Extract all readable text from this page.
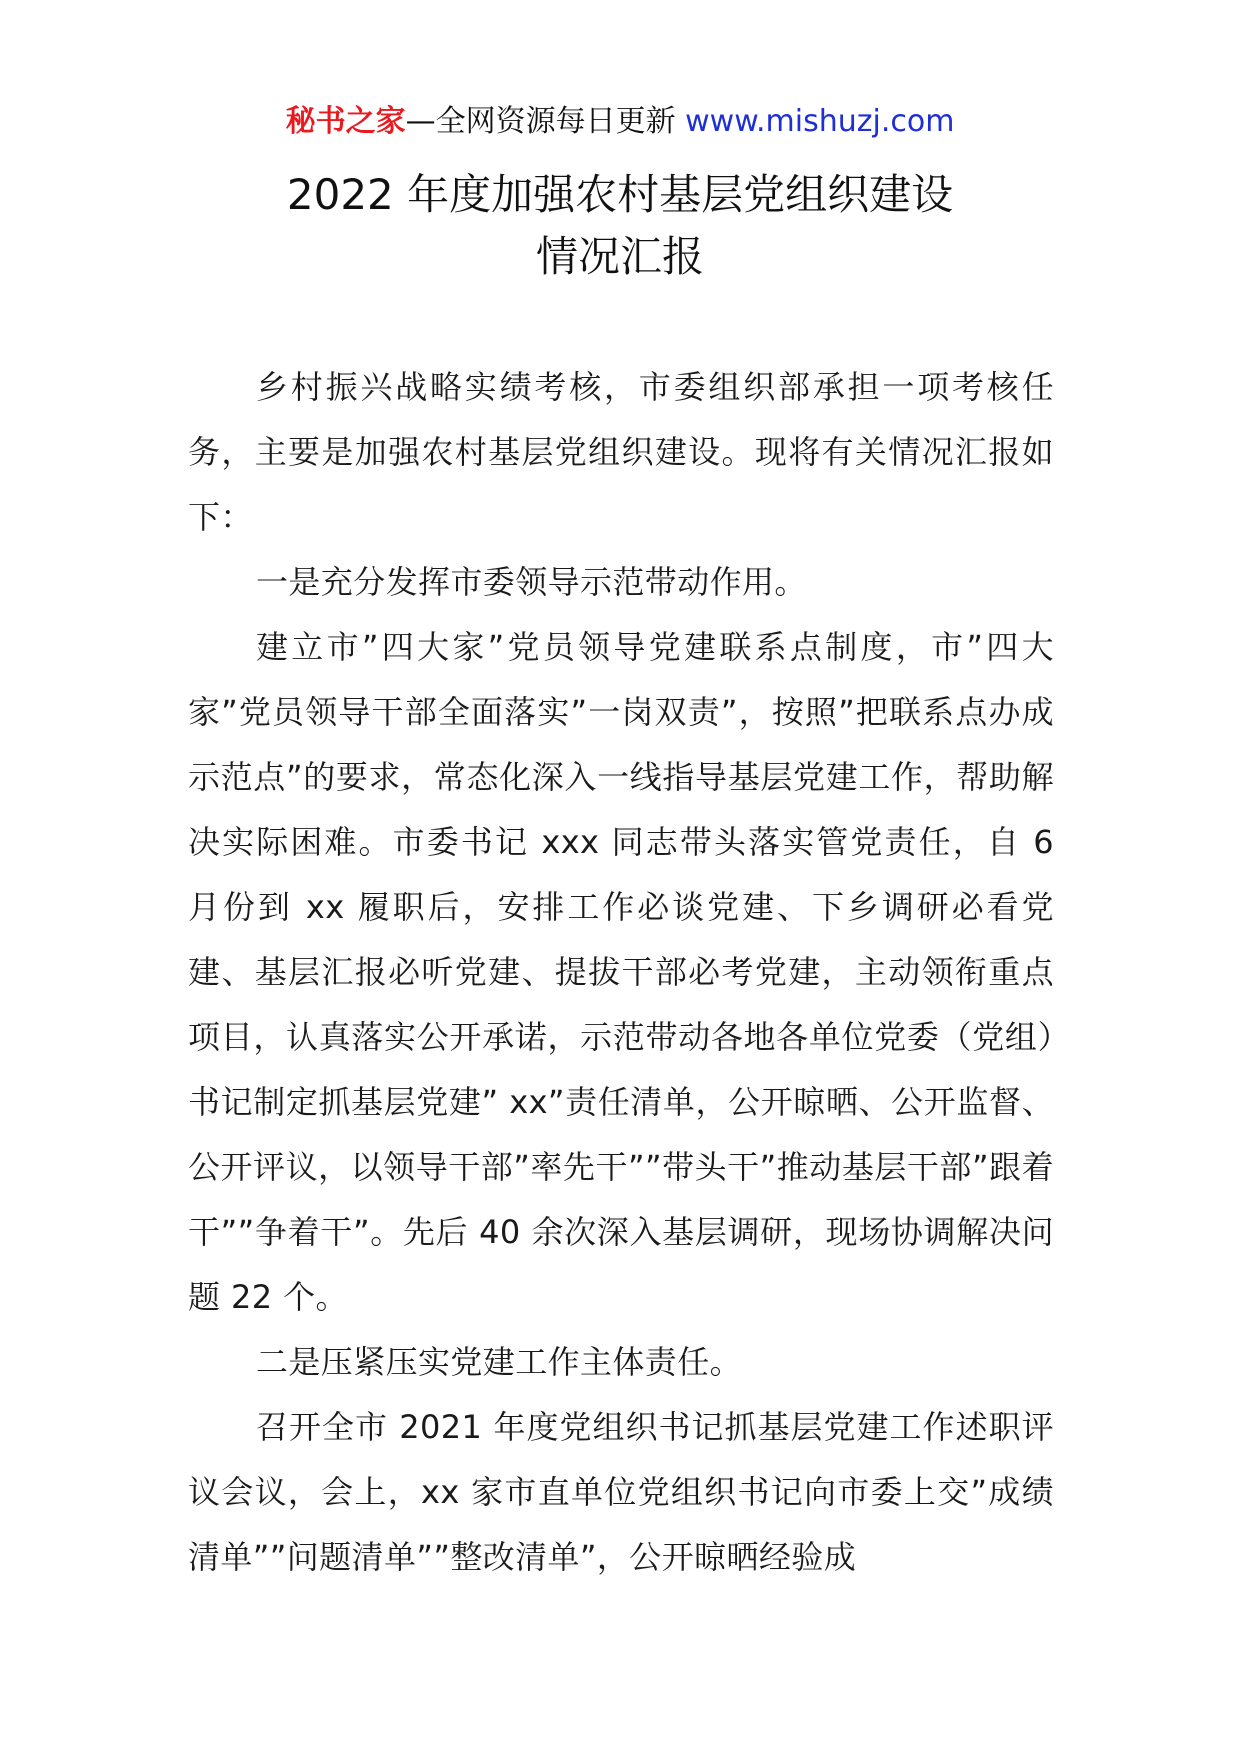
秘书之家—全网资源每日更新 www.mishuzj.com
2022 年度加强农村基层党组织建设
情况汇报

乡村振兴战略实绩考核，市委组织部承担一项考核任务，主要是加强农村基层党组织建设。现将有关情况汇报如下：

一是充分发挥市委领导示范带动作用。

建立市”四大家”党员领导党建联系点制度，市”四大家”党员领导干部全面落实”一岗双责”，按照”把联系点办成示范点”的要求，常态化深入一线指导基层党建工作，帮助解决实际困难。市委书记 xxx 同志带头落实管党责任，自 6 月份到 xx 履职后，安排工作必谈党建、下乡调研必看党建、基层汇报必听党建、提拔干部必考党建，主动领衔重点项目，认真落实公开承诺，示范带动各地各单位党委（党组）书记制定抓基层党建” xx”责任清单，公开晾晒、公开监督、公开评议，以领导干部”率先干””带头干”推动基层干部”跟着干””争着干”。先后 40 余次深入基层调研，现场协调解决问题 22 个。

二是压紧压实党建工作主体责任。

召开全市 2021 年度党组织书记抓基层党建工作述职评议会议，会上，xx 家市直单位党组织书记向市委上交”成绩清单””问题清单””整改清单”，公开晾晒经验成
